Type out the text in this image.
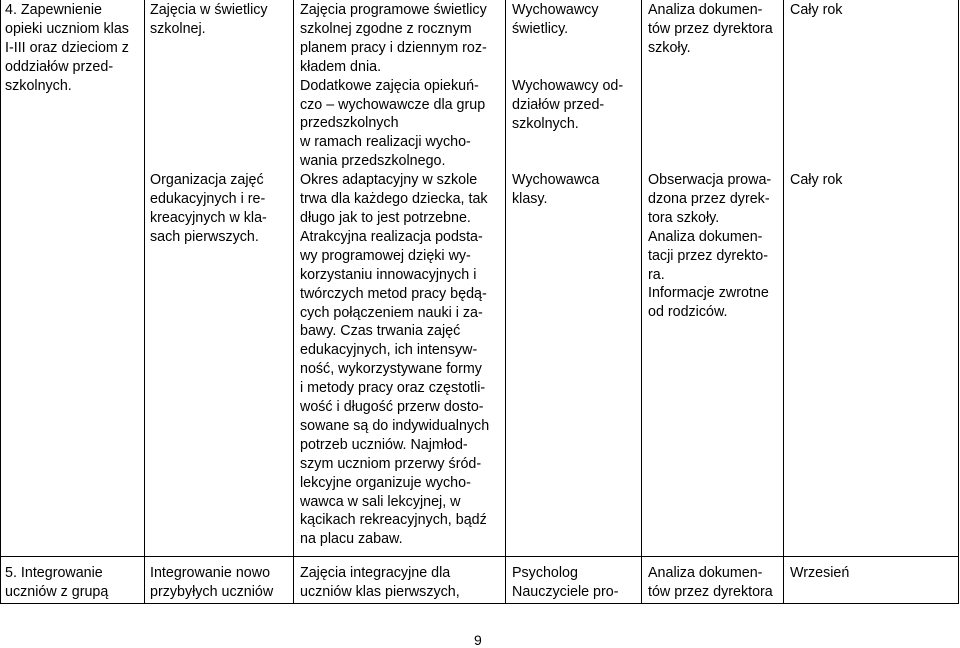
4. Zapewnienie
opieki uczniom klas
I-III oraz dzieciom z
oddziałów przed-
szkolnych.
Zajęcia w świetlicy
szkolnej.
Organizacja zajęć
edukacyjnych i re-
kreacyjnych w kla-
sach pierwszych.
Zajęcia programowe świetlicy
szkolnej zgodne z rocznym
planem pracy i dziennym roz-
kładem dnia.
Dodatkowe zajęcia opiekuń-
czo – wychowawcze dla grup
przedszkolnych
w ramach realizacji wycho-
wania przedszkolnego.
Okres adaptacyjny w szkole
trwa dla każdego dziecka, tak
długo jak to jest potrzebne.
Atrakcyjna realizacja podsta-
wy programowej dzięki wy-
korzystaniu innowacyjnych i
twórczych metod pracy będą-
cych połączeniem nauki i za-
bawy. Czas trwania zajęć
edukacyjnych, ich intensyw-
ność, wykorzystywane formy
i metody pracy oraz częstotli-
wość i długość przerw dosto-
sowane są do indywidualnych
potrzeb uczniów. Najmłod-
szym uczniom przerwy śród-
lekcyjne organizuje wycho-
wawca w sali lekcyjnej, w
kącikach rekreacyjnych, bądź
na placu zabaw.
Wychowawcy
świetlicy.
Wychowawcy od-
działów przed-
szkolnych.
Wychowawca
klasy.
Analiza dokumen-
tów przez dyrektora
szkoły.
Obserwacja prowa-
dzona przez dyrek-
tora szkoły.
Analiza dokumen-
tacji przez dyrekto-
ra.
Informacje zwrotne
od rodziców.
Cały rok
Cały rok
5. Integrowanie
uczniów z grupą
Integrowanie nowo
przybyłych uczniów
Zajęcia integracyjne dla
uczniów klas pierwszych,
Psycholog
Nauczyciele pro-
Analiza dokumen-
tów przez dyrektora
Wrzesień
9
